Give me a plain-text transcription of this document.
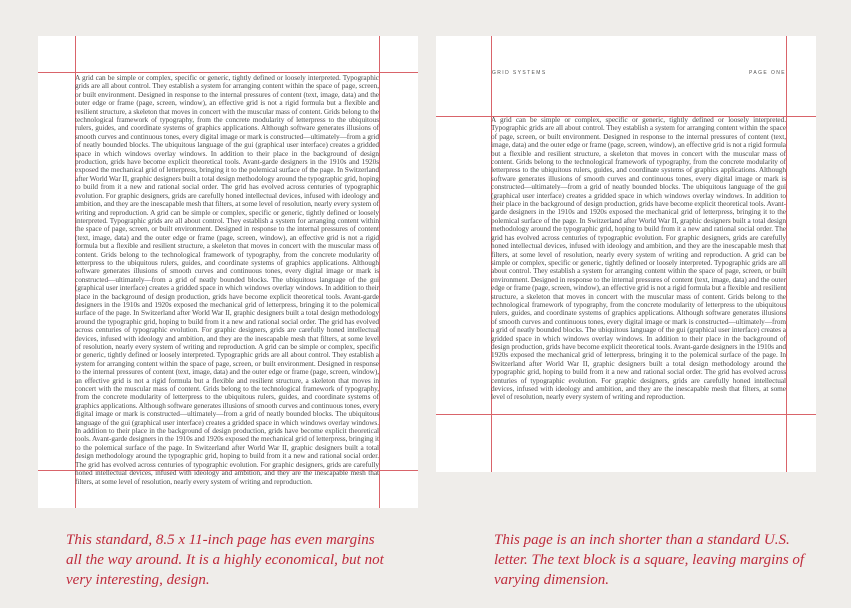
A grid can be simple or complex, specific or generic, tightly defined or loosely interpreted. Typographic grids are all about control. They establish a system for arranging content within the space of page, screen, or built environment. Designed in response to the internal pressures of content (text, image, data) and the outer edge or frame (page, screen, window), an effective grid is not a rigid formula but a flexible and resilient structure, a skeleton that moves in concert with the muscular mass of content. Grids belong to the technological framework of typography, from the concrete modularity of letterpress to the ubiquitous rulers, guides, and coordinate systems of graphics applications. Although software generates illusions of smooth curves and continuous tones, every digital image or mark is constructed—ultimately—from a grid of neatly bounded blocks. The ubiquitous language of the gui (graphical user interface) creates a gridded space in which windows overlay windows. In addition to their place in the background of design production, grids have become explicit theoretical tools. Avant-garde designers in the 1910s and 1920s exposed the mechanical grid of letterpress, bringing it to the polemical surface of the page. In Switzerland after World War II, graphic designers built a total design methodology around the typographic grid, hoping to build from it a new and rational social order. The grid has evolved across centuries of typographic evolution. For graphic designers, grids are carefully honed intellectual devices, infused with ideology and ambition, and they are the inescapable mesh that filters, at some level of resolution, nearly every system of writing and reproduction. A grid can be simple or complex, specific or generic, tightly defined or loosely interpreted. Typographic grids are all about control. They establish a system for arranging content within the space of page, screen, or built environment. Designed in response to the internal pressures of content (text, image, data) and the outer edge or frame (page, screen, window), an effective grid is not a rigid formula but a flexible and resilient structure, a skeleton that moves in concert with the muscular mass of content. Grids belong to the technological framework of typography, from the concrete modularity of letterpress to the ubiquitous rulers, guides, and coordinate systems of graphics applications. Although software generates illusions of smooth curves and continuous tones, every digital image or mark is constructed—ultimately—from a grid of neatly bounded blocks. The ubiquitous language of the gui (graphical user interface) creates a gridded space in which windows overlay windows. In addition to their place in the background of design production, grids have become explicit theoretical tools. Avant-garde designers in the 1910s and 1920s exposed the mechanical grid of letterpress, bringing it to the polemical surface of the page. In Switzerland after World War II, graphic designers built a total design methodology around the typographic grid, hoping to build from it a new and rational social order. The grid has evolved across centuries of typographic evolution. For graphic designers, grids are carefully honed intellectual devices, infused with ideology and ambition, and they are the inescapable mesh that filters, at some level of resolution, nearly every system of writing and reproduction. A grid can be simple or complex, specific or generic, tightly defined or loosely interpreted. Typographic grids are all about control. They establish a system for arranging content within the space of page, screen, or built environment. Designed in response to the internal pressures of content (text, image, data) and the outer edge or frame (page, screen, window), an effective grid is not a rigid formula but a flexible and resilient structure, a skeleton that moves in concert with the muscular mass of content. Grids belong to the technological framework of typography, from the concrete modularity of letterpress to the ubiquitous rulers, guides, and coordinate systems of graphics applications. Although software generates illusions of smooth curves and continuous tones, every digital image or mark is constructed—ultimately—from a grid of neatly bounded blocks. The ubiquitous language of the gui (graphical user interface) creates a gridded space in which windows overlay windows. In addition to their place in the background of design production, grids have become explicit theoretical tools. Avant-garde designers in the 1910s and 1920s exposed the mechanical grid of letterpress, bringing it to the polemical surface of the page. In Switzerland after World War II, graphic designers built a total design methodology around the typographic grid, hoping to build from it a new and rational social order. The grid has evolved across centuries of typographic evolution. For graphic designers, grids are carefully honed intellectual devices, infused with ideology and ambition, and they are the inescapable mesh that filters, at some level of resolution, nearly every system of writing and reproduction.
GRID SYSTEMS	PAGE ONE
A grid can be simple or complex, specific or generic, tightly defined or loosely interpreted. Typographic grids are all about control. They establish a system for arranging content within the space of page, screen, or built environment. Designed in response to the internal pressures of content (text, image, data) and the outer edge or frame (page, screen, window), an effective grid is not a rigid formula but a flexible and resilient structure, a skeleton that moves in concert with the muscular mass of content. Grids belong to the technological framework of typography, from the concrete modularity of letterpress to the ubiquitous rulers, guides, and coordinate systems of graphics applications. Although software generates illusions of smooth curves and continuous tones, every digital image or mark is constructed—ultimately—from a grid of neatly bounded blocks. The ubiquitous language of the gui (graphical user interface) creates a gridded space in which windows overlay windows. In addition to their place in the background of design production, grids have become explicit theoretical tools. Avant-garde designers in the 1910s and 1920s exposed the mechanical grid of letterpress, bringing it to the polemical surface of the page. In Switzerland after World War II, graphic designers built a total design methodology around the typographic grid, hoping to build from it a new and rational social order. The grid has evolved across centuries of typographic evolution. For graphic designers, grids are carefully honed intellectual devices, infused with ideology and ambition, and they are the inescapable mesh that filters, at some level of resolution, nearly every system of writing and reproduction. A grid can be simple or complex, specific or generic, tightly defined or loosely interpreted. Typographic grids are all about control. They establish a system for arranging content within the space of page, screen, or built environment. Designed in response to the internal pressures of content (text, image, data) and the outer edge or frame (page, screen, window), an effective grid is not a rigid formula but a flexible and resilient structure, a skeleton that moves in concert with the muscular mass of content. Grids belong to the technological framework of typography, from the concrete modularity of letterpress to the ubiquitous rulers, guides, and coordinate systems of graphics applications. Although software generates illusions of smooth curves and continuous tones, every digital image or mark is constructed—ultimately—from a grid of neatly bounded blocks. The ubiquitous language of the gui (graphical user interface) creates a gridded space in which windows overlay windows. In addition to their place in the background of design production, grids have become explicit theoretical tools. Avant-garde designers in the 1910s and 1920s exposed the mechanical grid of letterpress, bringing it to the polemical surface of the page. In Switzerland after World War II, graphic designers built a total design methodology around the typographic grid, hoping to build from it a new and rational social order. The grid has evolved across centuries of typographic evolution. For graphic designers, grids are carefully honed intellectual devices, infused with ideology and ambition, and they are the inescapable mesh that filters, at some level of resolution, nearly every system of writing and reproduction.
This standard, 8.5 x 11-inch page has even margins all the way around. It is a highly economical, but not very interesting, design.
This page is an inch shorter than a standard U.S. letter. The text block is a square, leaving margins of varying dimension.
